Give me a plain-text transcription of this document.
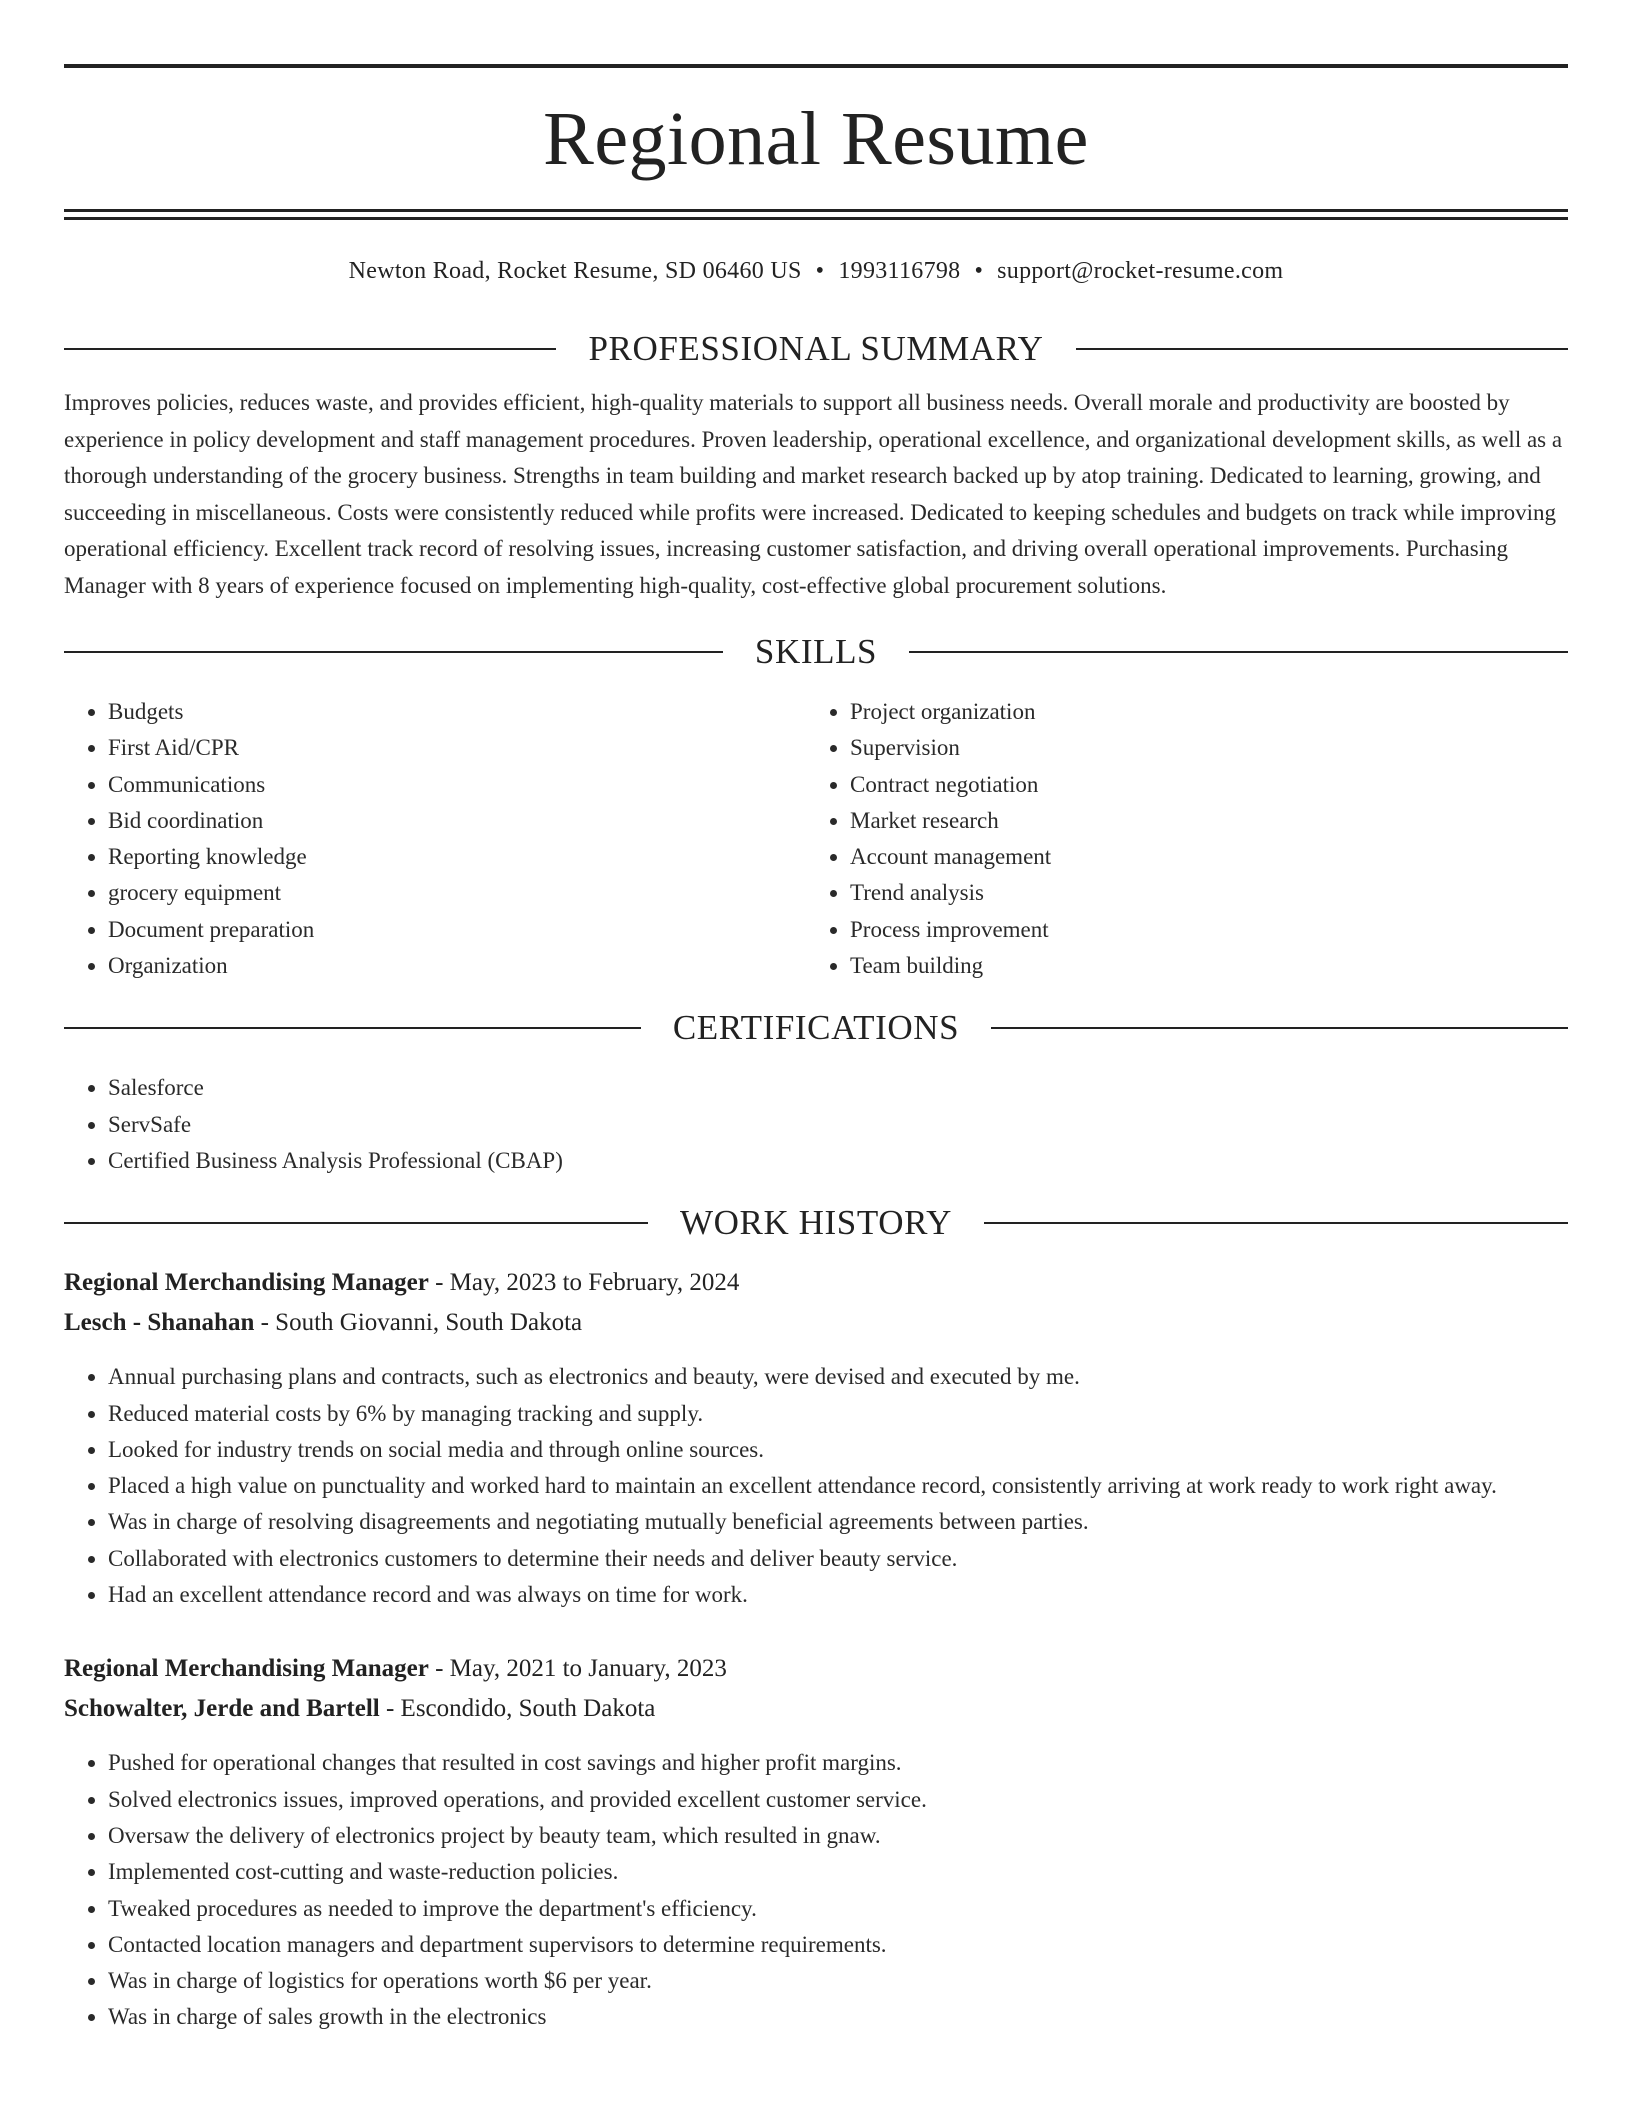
Regional Resume
Newton Road, Rocket Resume, SD 06460 US • 1993116798 • support@rocket-resume.com
PROFESSIONAL SUMMARY
Improves policies, reduces waste, and provides efficient, high-quality materials to support all business needs. Overall morale and productivity are boosted by experience in policy development and staff management procedures. Proven leadership, operational excellence, and organizational development skills, as well as a thorough understanding of the grocery business. Strengths in team building and market research backed up by atop training. Dedicated to learning, growing, and succeeding in miscellaneous. Costs were consistently reduced while profits were increased. Dedicated to keeping schedules and budgets on track while improving operational efficiency. Excellent track record of resolving issues, increasing customer satisfaction, and driving overall operational improvements. Purchasing Manager with 8 years of experience focused on implementing high-quality, cost-effective global procurement solutions.
SKILLS
• Budgets
• First Aid/CPR
• Communications
• Bid coordination
• Reporting knowledge
• grocery equipment
• Document preparation
• Organization
• Project organization
• Supervision
• Contract negotiation
• Market research
• Account management
• Trend analysis
• Process improvement
• Team building
CERTIFICATIONS
• Salesforce
• ServSafe
• Certified Business Analysis Professional (CBAP)
WORK HISTORY
Regional Merchandising Manager - May, 2023 to February, 2024
Lesch - Shanahan - South Giovanni, South Dakota
• Annual purchasing plans and contracts, such as electronics and beauty, were devised and executed by me.
• Reduced material costs by 6% by managing tracking and supply.
• Looked for industry trends on social media and through online sources.
• Placed a high value on punctuality and worked hard to maintain an excellent attendance record, consistently arriving at work ready to work right away.
• Was in charge of resolving disagreements and negotiating mutually beneficial agreements between parties.
• Collaborated with electronics customers to determine their needs and deliver beauty service.
• Had an excellent attendance record and was always on time for work.
Regional Merchandising Manager - May, 2021 to January, 2023
Schowalter, Jerde and Bartell - Escondido, South Dakota
• Pushed for operational changes that resulted in cost savings and higher profit margins.
• Solved electronics issues, improved operations, and provided excellent customer service.
• Oversaw the delivery of electronics project by beauty team, which resulted in gnaw.
• Implemented cost-cutting and waste-reduction policies.
• Tweaked procedures as needed to improve the department's efficiency.
• Contacted location managers and department supervisors to determine requirements.
• Was in charge of logistics for operations worth $6 per year.
• Was in charge of sales growth in the electronics
